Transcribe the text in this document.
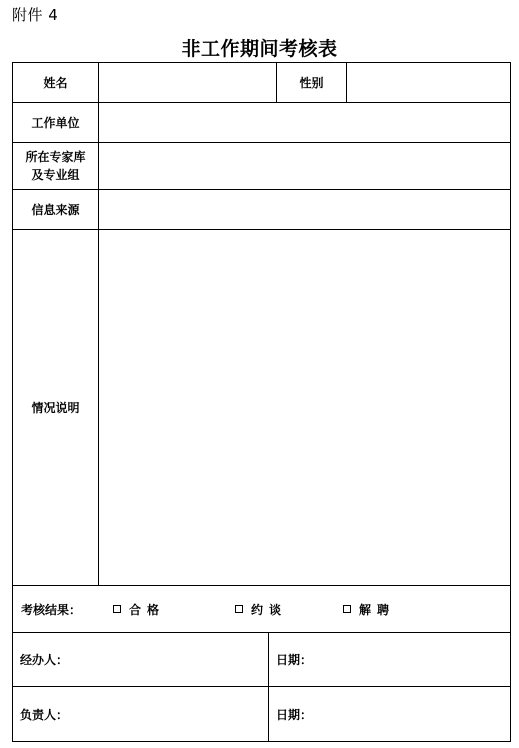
附件 4
非工作期间考核表
姓名			性别	
工作单位				

所在专家库
及专业组				

信息来源				
情况说明				

考核结果： 合格 约谈 解聘				

经办人：		日期：		
负责人：		日期：		
